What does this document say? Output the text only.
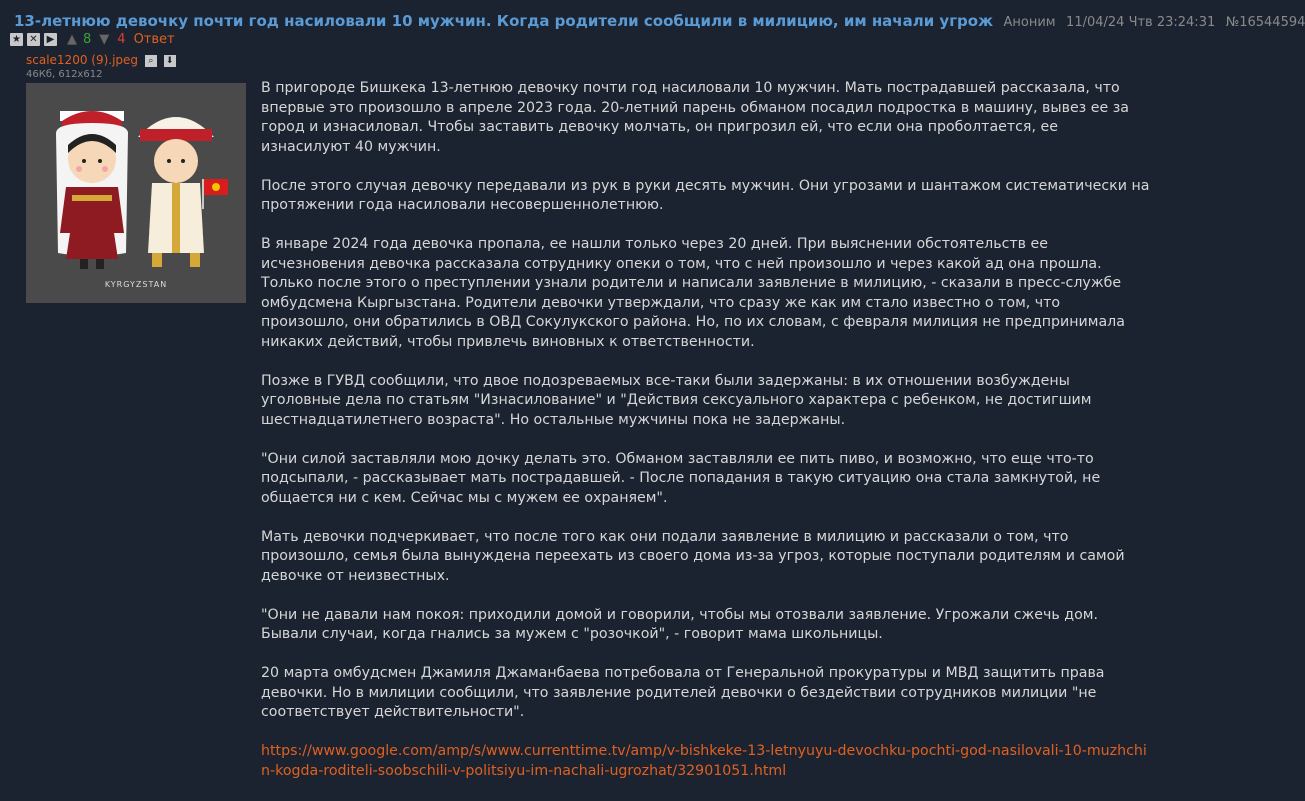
13-летнюю девочку почти год насиловали 10 мужчин. Когда родители сообщили в милицию, им начали угрож Аноним 11/04/24 Чтв 23:24:31 №16544594
★ ✕ ▶ ▲ 8 ▼ 4 Ответ
scale1200 (9).jpeg ⌕ ⬇
46Кб, 612x612
KYRGYZSTAN

В пригороде Бишкека 13-летнюю девочку почти год насиловали 10 мужчин. Мать пострадавшей рассказала, что впервые это произошло в апреле 2023 года. 20-летний парень обманом посадил подростка в машину, вывез ее за город и изнасиловал. Чтобы заставить девочку молчать, он пригрозил ей, что если она проболтается, ее изнасилуют 40 мужчин.

После этого случая девочку передавали из рук в руки десять мужчин. Они угрозами и шантажом систематически на протяжении года насиловали несовершеннолетнюю.

В январе 2024 года девочка пропала, ее нашли только через 20 дней. При выяснении обстоятельств ее исчезновения девочка рассказала сотруднику опеки о том, что с ней произошло и через какой ад она прошла. Только после этого о преступлении узнали родители и написали заявление в милицию, - сказали в пресс-службе омбудсмена Кыргызстана. Родители девочки утверждали, что сразу же как им стало известно о том, что произошло, они обратились в ОВД Сокулукского района. Но, по их словам, с февраля милиция не предпринимала никаких действий, чтобы привлечь виновных к ответственности.

Позже в ГУВД сообщили, что двое подозреваемых все-таки были задержаны: в их отношении возбуждены уголовные дела по статьям "Изнасилование" и "Действия сексуального характера с ребенком, не достигшим шестнадцатилетнего возраста". Но остальные мужчины пока не задержаны.

"Они силой заставляли мою дочку делать это. Обманом заставляли ее пить пиво, и возможно, что еще что-то подсыпали, - рассказывает мать пострадавшей. - После попадания в такую ситуацию она стала замкнутой, не общается ни с кем. Сейчас мы с мужем ее охраняем".

Мать девочки подчеркивает, что после того как они подали заявление в милицию и рассказали о том, что произошло, семья была вынуждена переехать из своего дома из-за угроз, которые поступали родителям и самой девочке от неизвестных.

"Они не давали нам покоя: приходили домой и говорили, чтобы мы отозвали заявление. Угрожали сжечь дом. Бывали случаи, когда гнались за мужем с "розочкой", - говорит мама школьницы.

20 марта омбудсмен Джамиля Джаманбаева потребовала от Генеральной прокуратуры и МВД защитить права девочки. Но в милиции сообщили, что заявление родителей девочки о бездействии сотрудников милиции "не соответствует действительности".

https://www.google.com/amp/s/www.currenttime.tv/amp/v-bishkeke-13-letnyuyu-devochku-pochti-god-nasilovali-10-muzhchin-kogda-roditeli-soobschili-v-politsiyu-im-nachali-ugrozhat/32901051.html
